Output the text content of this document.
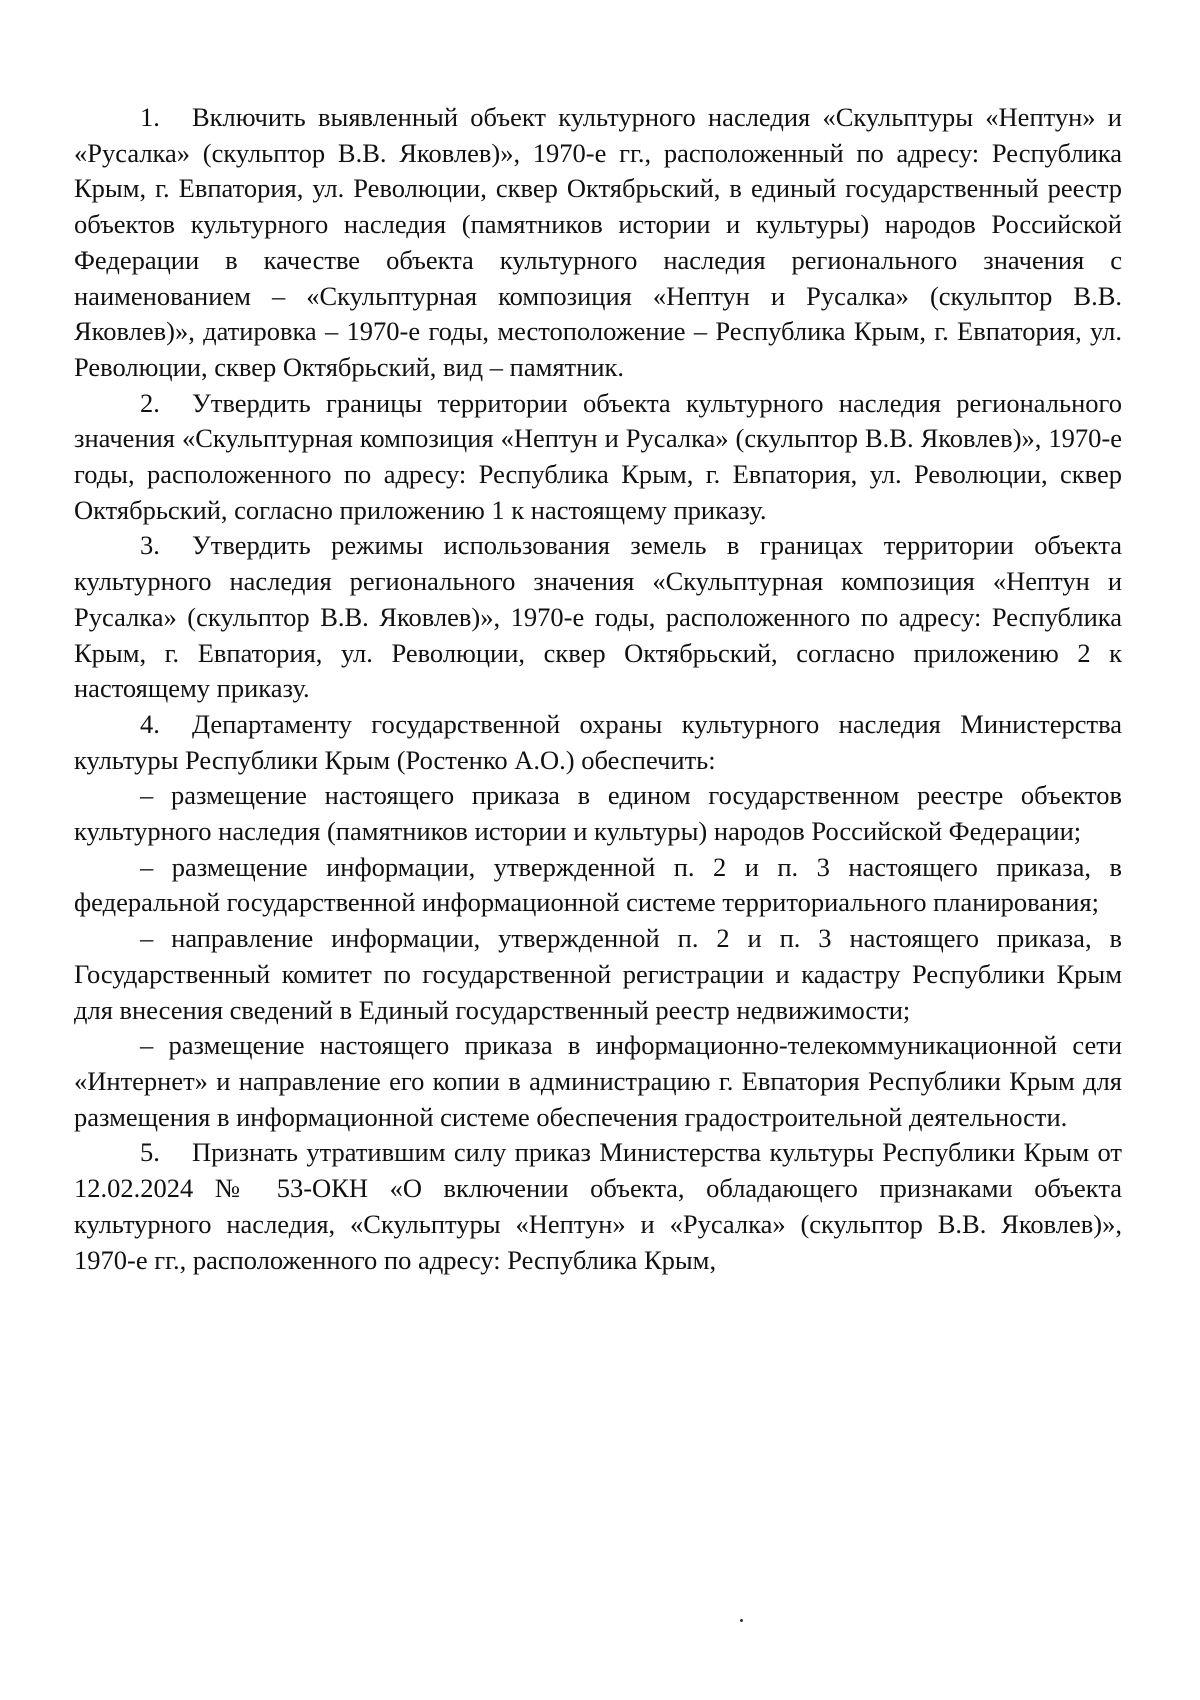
1. Включить выявленный объект культурного наследия «Скульптуры «Нептун» и «Русалка» (скульптор В.В. Яковлев)», 1970-е гг., расположенный по адресу: Республика Крым, г. Евпатория, ул. Революции, сквер Октябрьский, в единый государственный реестр объектов культурного наследия (памятников истории и культуры) народов Российской Федерации в качестве объекта культурного наследия регионального значения с наименованием – «Скульптурная композиция «Нептун и Русалка» (скульптор В.В. Яковлев)», датировка – 1970-е годы, местоположение – Республика Крым, г. Евпатория, ул. Революции, сквер Октябрьский, вид – памятник.

2. Утвердить границы территории объекта культурного наследия регионального значения «Скульптурная композиция «Нептун и Русалка» (скульптор В.В. Яковлев)», 1970-е годы, расположенного по адресу: Республика Крым, г. Евпатория, ул. Революции, сквер Октябрьский, согласно приложению 1 к настоящему приказу.

3. Утвердить режимы использования земель в границах территории объекта культурного наследия регионального значения «Скульптурная композиция «Нептун и Русалка» (скульптор В.В. Яковлев)», 1970-е годы, расположенного по адресу: Республика Крым, г. Евпатория, ул. Революции, сквер Октябрьский, согласно приложению 2 к настоящему приказу.

4. Департаменту государственной охраны культурного наследия Министерства культуры Республики Крым (Ростенко А.О.) обеспечить:

– размещение настоящего приказа в едином государственном реестре объектов культурного наследия (памятников истории и культуры) народов Российской Федерации;

– размещение информации, утвержденной п. 2 и п. 3 настоящего приказа, в федеральной государственной информационной системе территориального планирования;

– направление информации, утвержденной п. 2 и п. 3 настоящего приказа, в Государственный комитет по государственной регистрации и кадастру Республики Крым для внесения сведений в Единый государственный реестр недвижимости;

– размещение настоящего приказа в информационно-телекоммуникационной сети «Интернет» и направление его копии в администрацию г. Евпатория Республики Крым для размещения в информационной системе обеспечения градостроительной деятельности.

5. Признать утратившим силу приказ Министерства культуры Республики Крым от 12.02.2024 № 53-ОКН «О включении объекта, обладающего признаками объекта культурного наследия, «Скульптуры «Нептун» и «Русалка» (скульптор В.В. Яковлев)», 1970-е гг., расположенного по адресу: Республика Крым,
